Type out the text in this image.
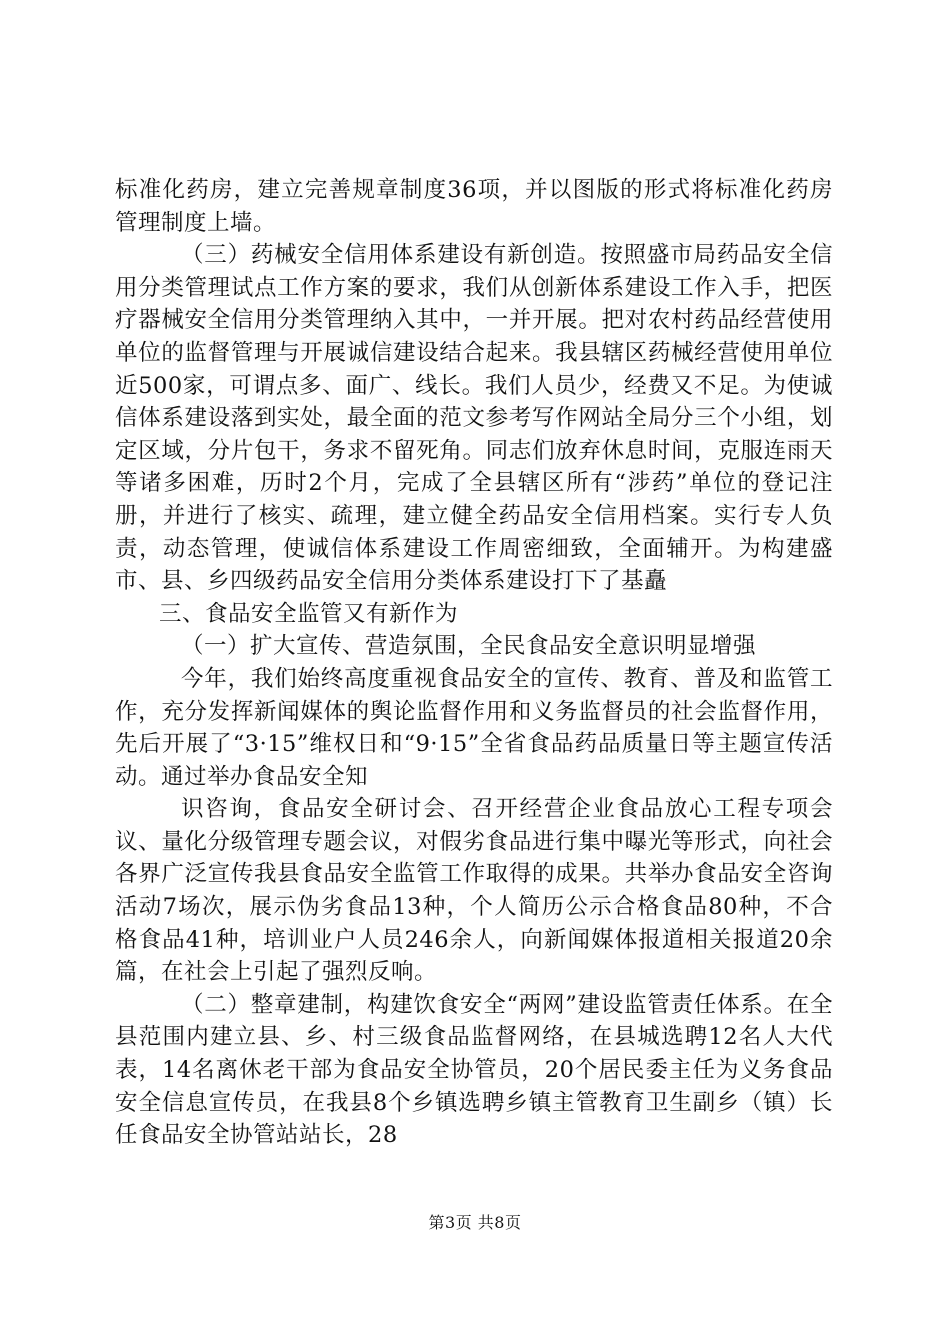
标准化药房，建立完善规章制度36项，并以图版的形式将标准化药房管理制度上墙。

（三）药械安全信用体系建设有新创造。按照盛市局药品安全信用分类管理试点工作方案的要求，我们从创新体系建设工作入手，把医疗器械安全信用分类管理纳入其中，一并开展。把对农村药品经营使用单位的监督管理与开展诚信建设结合起来。我县辖区药械经营使用单位近500家，可谓点多、面广、线长。我们人员少，经费又不足。为使诚信体系建设落到实处，最全面的范文参考写作网站全局分三个小组，划定区域，分片包干，务求不留死角。同志们放弃休息时间，克服连雨天等诸多困难，历时2个月，完成了全县辖区所有“涉药”单位的登记注册，并进行了核实、疏理，建立健全药品安全信用档案。实行专人负责，动态管理，使诚信体系建设工作周密细致，全面辅开。为构建盛市、县、乡四级药品安全信用分类体系建设打下了基矗

三、食品安全监管又有新作为

（一）扩大宣传、营造氛围，全民食品安全意识明显增强

今年，我们始终高度重视食品安全的宣传、教育、普及和监管工作，充分发挥新闻媒体的舆论监督作用和义务监督员的社会监督作用，先后开展了“3·15”维权日和“9·15”全省食品药品质量日等主题宣传活动。通过举办食品安全知

识咨询，食品安全研讨会、召开经营企业食品放心工程专项会议、量化分级管理专题会议，对假劣食品进行集中曝光等形式，向社会各界广泛宣传我县食品安全监管工作取得的成果。共举办食品安全咨询活动7场次，展示伪劣食品13种，个人简历公示合格食品80种，不合格食品41种，培训业户人员246余人，向新闻媒体报道相关报道20余篇，在社会上引起了强烈反响。

（二）整章建制，构建饮食安全“两网”建设监管责任体系。在全县范围内建立县、乡、村三级食品监督网络，在县城选聘12名人大代表，14名离休老干部为食品安全协管员，20个居民委主任为义务食品安全信息宣传员，在我县8个乡镇选聘乡镇主管教育卫生副乡（镇）长任食品安全协管站站长，28

第3页 共8页
